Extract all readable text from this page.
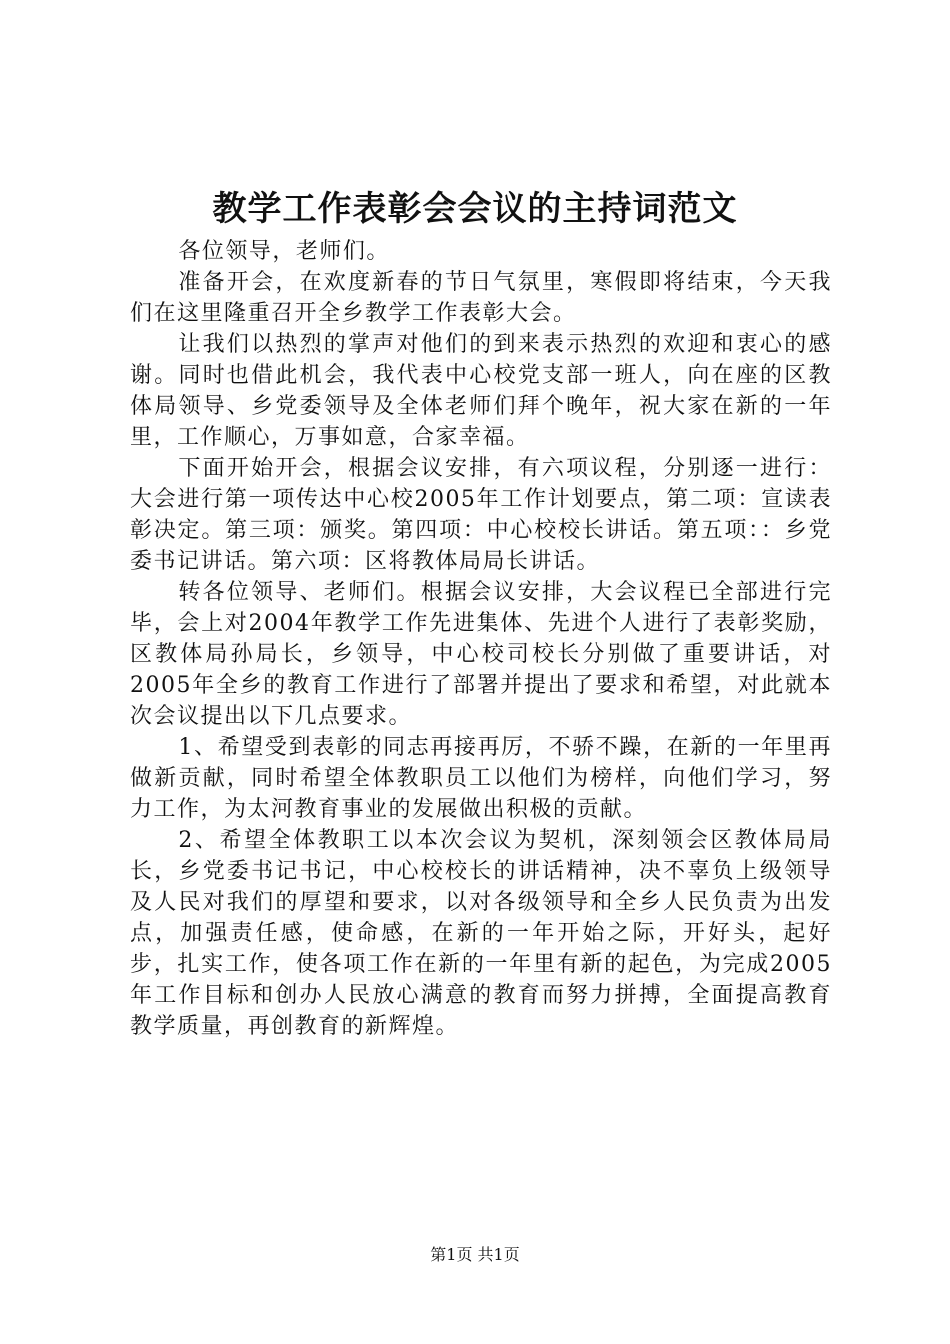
教学工作表彰会会议的主持词范文

各位领导，老师们。

准备开会，在欢度新春的节日气氛里，寒假即将结束，今天我们在这里隆重召开全乡教学工作表彰大会。

让我们以热烈的掌声对他们的到来表示热烈的欢迎和衷心的感谢。同时也借此机会，我代表中心校党支部一班人，向在座的区教体局领导、乡党委领导及全体老师们拜个晚年，祝大家在新的一年里，工作顺心，万事如意，合家幸福。

下面开始开会，根据会议安排，有六项议程，分别逐一进行：大会进行第一项传达中心校2005年工作计划要点，第二项：宣读表彰决定。第三项：颁奖。第四项：中心校校长讲话。第五项：：乡党委书记讲话。第六项：区将教体局局长讲话。

转各位领导、老师们。根据会议安排，大会议程已全部进行完毕，会上对2004年教学工作先进集体、先进个人进行了表彰奖励，区教体局孙局长，乡领导，中心校司校长分别做了重要讲话，对2005年全乡的教育工作进行了部署并提出了要求和希望，对此就本次会议提出以下几点要求。

1、希望受到表彰的同志再接再厉，不骄不躁，在新的一年里再做新贡献，同时希望全体教职员工以他们为榜样，向他们学习，努力工作，为太河教育事业的发展做出积极的贡献。

2、希望全体教职工以本次会议为契机，深刻领会区教体局局长，乡党委书记书记，中心校校长的讲话精神，决不辜负上级领导及人民对我们的厚望和要求，以对各级领导和全乡人民负责为出发点，加强责任感，使命感，在新的一年开始之际，开好头，起好步，扎实工作，使各项工作在新的一年里有新的起色，为完成2005年工作目标和创办人民放心满意的教育而努力拼搏，全面提高教育教学质量，再创教育的新辉煌。

第1页 共1页
